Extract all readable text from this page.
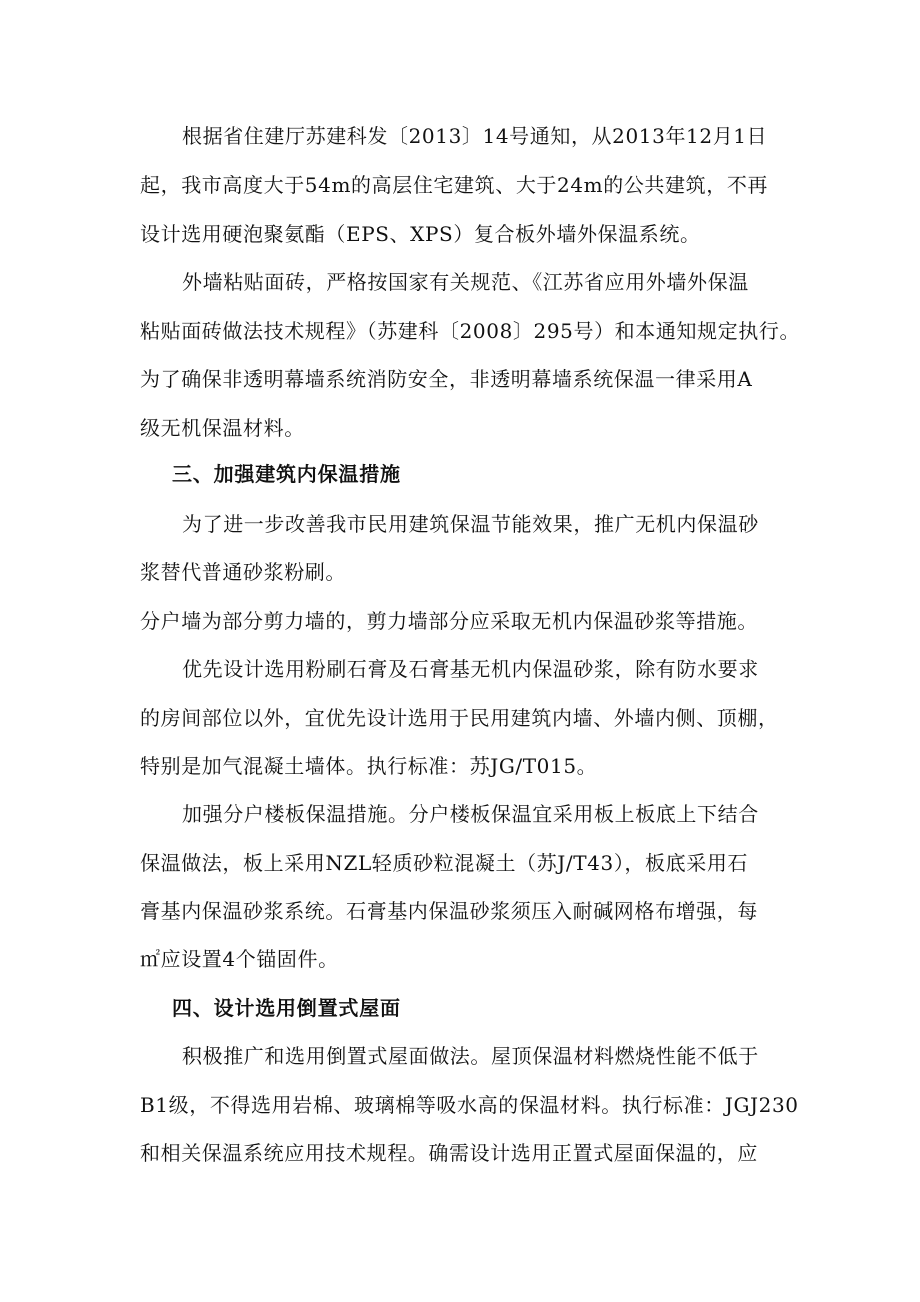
根据省住建厅苏建科发〔2013〕14号通知，从2013年12月1日
起，我市高度大于54m的高层住宅建筑、大于24m的公共建筑，不再
设计选用硬泡聚氨酯（EPS、XPS）复合板外墙外保温系统。
外墙粘贴面砖，严格按国家有关规范、《江苏省应用外墙外保温
粘贴面砖做法技术规程》（苏建科〔2008〕295号）和本通知规定执行。
为了确保非透明幕墙系统消防安全，非透明幕墙系统保温一律采用A
级无机保温材料。
三、加强建筑内保温措施
为了进一步改善我市民用建筑保温节能效果，推广无机内保温砂
浆替代普通砂浆粉刷。
分户墙为部分剪力墙的，剪力墙部分应采取无机内保温砂浆等措施。
优先设计选用粉刷石膏及石膏基无机内保温砂浆，除有防水要求
的房间部位以外，宜优先设计选用于民用建筑内墙、外墙内侧、顶棚，
特别是加气混凝土墙体。执行标准：苏JG/T015。
加强分户楼板保温措施。分户楼板保温宜采用板上板底上下结合
保温做法，板上采用NZL轻质砂粒混凝土（苏J/T43），板底采用石
膏基内保温砂浆系统。石膏基内保温砂浆须压入耐碱网格布增强，每
㎡应设置4个锚固件。
四、设计选用倒置式屋面
积极推广和选用倒置式屋面做法。屋顶保温材料燃烧性能不低于
B1级，不得选用岩棉、玻璃棉等吸水高的保温材料。执行标准：JGJ230
和相关保温系统应用技术规程。确需设计选用正置式屋面保温的，应
